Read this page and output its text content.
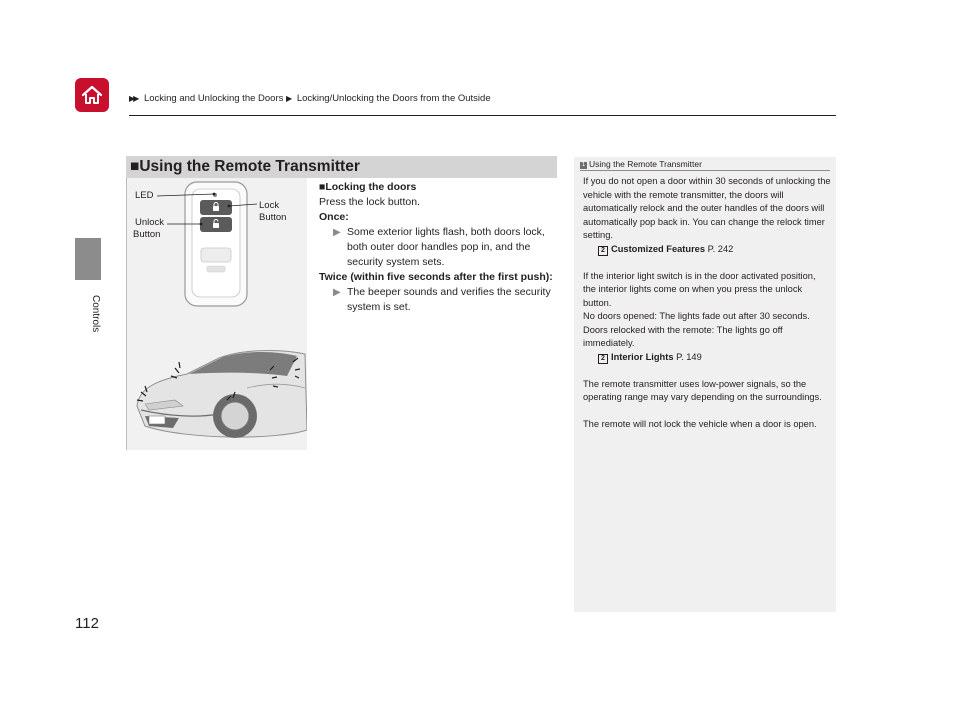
▶▶ Locking and Unlocking the Doors ▶ Locking/Unlocking the Doors from the Outside
Controls
112
■Using the Remote Transmitter
LED
Lock
Button
Unlock
Button
■Locking the doors
Press the lock button.
Once:
▶ Some exterior lights flash, both doors lock, both outer door handles pop in, and the security system sets.
Twice (within five seconds after the first push):
▶ The beeper sounds and verifies the security system is set.
1 Using the Remote Transmitter

If you do not open a door within 30 seconds of unlocking the vehicle with the remote transmitter, the doors will automatically relock and the outer handles of the doors will automatically pop back in. You can change the relock timer setting.

2 Customized Features P. 242

If the interior light switch is in the door activated position, the interior lights come on when you press the unlock button.

No doors opened: The lights fade out after 30 seconds.

Doors relocked with the remote: The lights go off immediately.

2 Interior Lights P. 149

The remote transmitter uses low-power signals, so the operating range may vary depending on the surroundings.

The remote will not lock the vehicle when a door is open.
